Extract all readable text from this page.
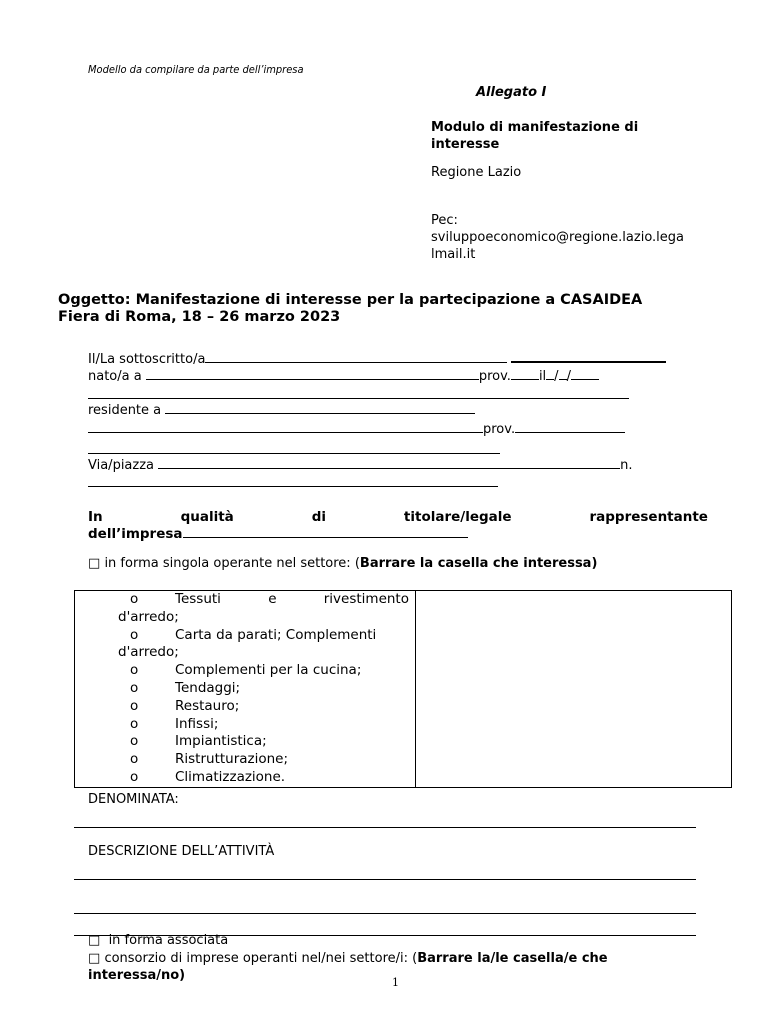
Modello da compilare da parte dell’impresa

Allegato I

Modulo di manifestazione di
interesse

Regione Lazio

Pec:
sviluppoeconomico@regione.lazio.lega
lmail.it
Oggetto: Manifestazione di interesse per la partecipazione a CASAIDEA
Fiera di Roma, 18 – 26 marzo 2023
Il/La sottoscritto/a
nato/a a	prov. il / /
residente a
prov.
Via/piazza	n.
In	qualità	di	titolare/legale	rappresentante
dell’impresa
□ in forma singola operante nel settore: (Barrare la casella che interessa)
o	Tessuti	e	rivestimento
d'arredo;
o	Carta da parati; Complementi
d'arredo;
o	Complementi per la cucina;
o	Tendaggi;
o	Restauro;
o	Infissi;
o	Impiantistica;
o	Ristrutturazione;
o	Climatizzazione.

DENOMINATA:

DESCRIZIONE DELL’ATTIVITÀ

□ in forma associata
□ consorzio di imprese operanti nel/nei settore/i: (Barrare la/le casella/e che
interessa/no)	1
